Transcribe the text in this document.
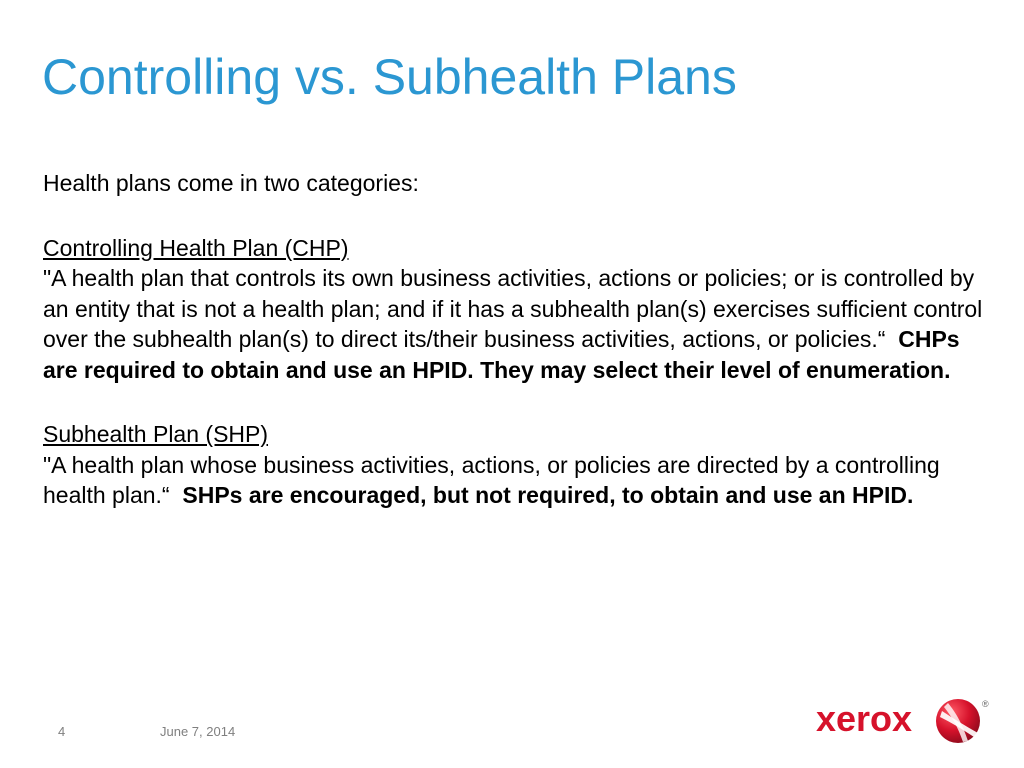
Controlling vs. Subhealth Plans

Health plans come in two categories:

Controlling Health Plan (CHP)

"A health plan that controls its own business activities, actions or policies; or is controlled by an entity that is not a health plan; and if it has a subhealth plan(s) exercises sufficient control over the subhealth plan(s) to direct its/their business activities, actions, or policies.“ CHPs are required to obtain and use an HPID. They may select their level of enumeration.

Subhealth Plan (SHP)

"A health plan whose business activities, actions, or policies are directed by a controlling health plan.“ SHPs are encouraged, but not required, to obtain and use an HPID.

4	June 7, 2014	xerox	®
